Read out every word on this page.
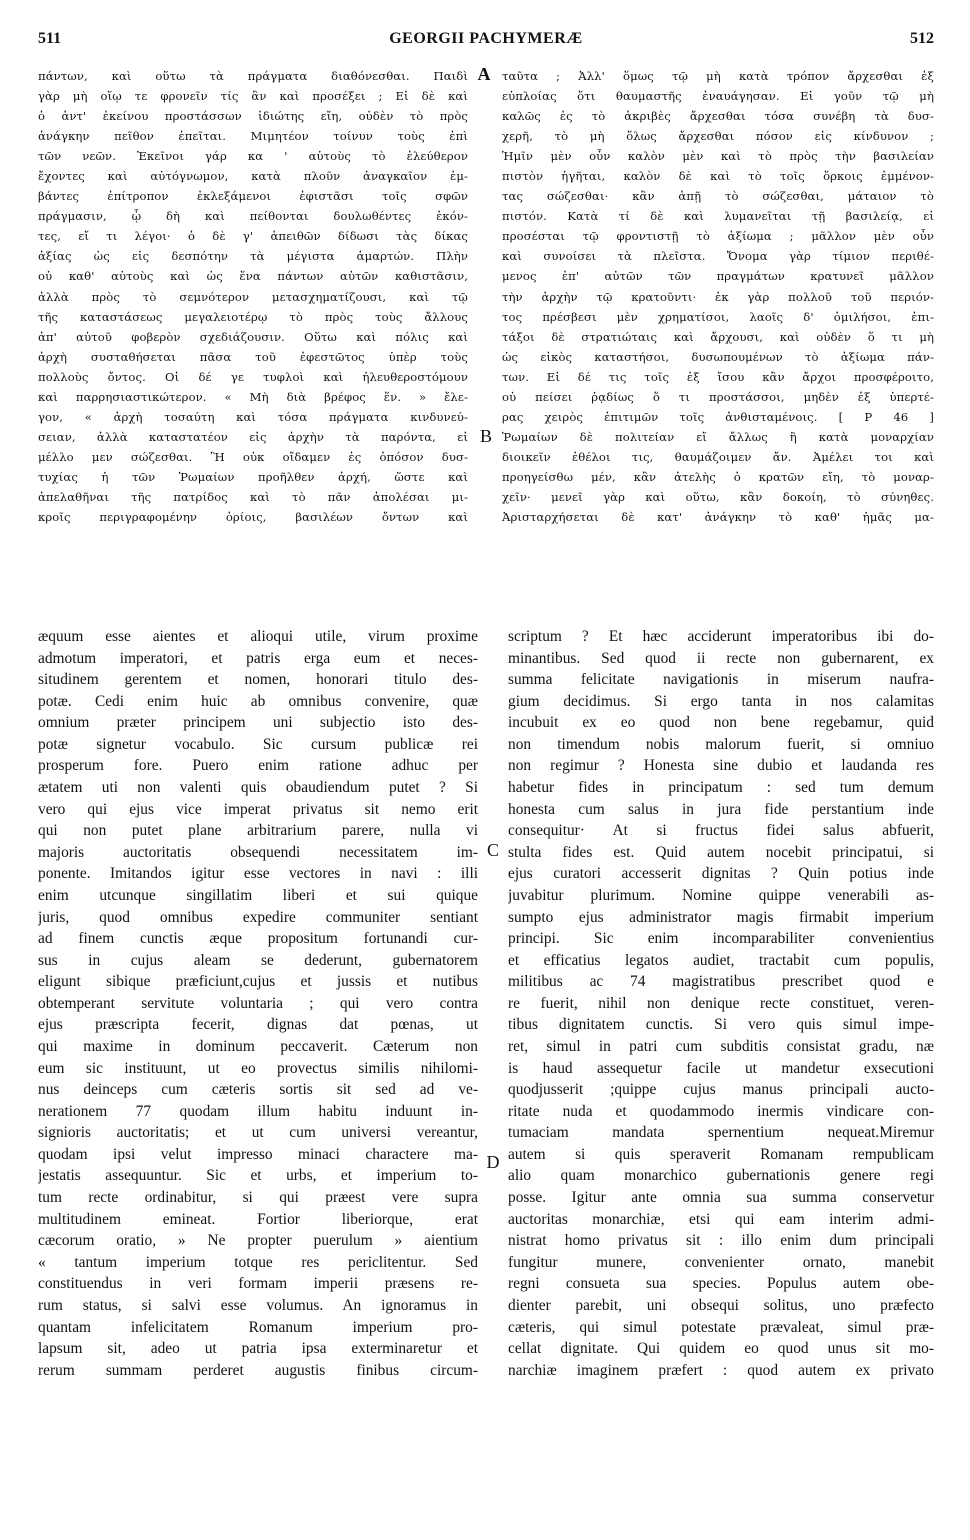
511	GEORGII PACHYMERÆ	512
πάντων, καὶ οὕτω τὰ πράγματα διαθόνεσθαι. Παιδὶ
γὰρ μὴ οἵῳ τε φρονεῖν τίς ἂν καὶ προσέξει ; Εἰ δὲ καὶ
ὁ ἀντ' ἐκείνου προστάσσων ἰδιώτης εἴη, οὐδὲν τὸ πρὸς
ἀνάγκην πεῖθον ἐπεῖται. Μιμητέον τοίνυν τοὺς ἐπὶ
τῶν νεῶν. Ἐκεῖνοι γάρ κα ' αὑτοὺς τὸ ἐλεύθερον
ἔχοντες καὶ αὐτόγνωμον, κατὰ πλοῦν ἀναγκαῖον ἐμ-
βάντες ἐπίτροπον ἐκλεξάμενοι ἐφιστᾶσι τοῖς σφῶν
πράγμασιν, ᾧ δὴ καὶ πείθονται δουλωθέντες ἑκόν-
τες, εἴ τι λέγοι· ὁ δὲ γ' ἀπειθῶν δίδωσι τὰς δίκας
ἀξίας ὡς εἰς δεσπότην τὰ μέγιστα ἁμαρτών. Πλὴν
οὐ καθ' αὑτοὺς καὶ ὡς ἕνα πάντων αὐτῶν καθιστᾶσιν,
ἀλλὰ πρὸς τὸ σεμνότερον μετασχηματίζουσι, καὶ τῷ
τῆς καταστάσεως μεγαλειοτέρῳ τὸ πρὸς τοὺς ἄλλους
ἀπ' αὐτοῦ φοβερὸν σχεδιάζουσιν. Οὕτω καὶ πόλις καὶ
ἀρχὴ συσταθήσεται πᾶσα τοῦ ἐφεστῶτος ὑπὲρ τοὺς
πολλοὺς ὄντος. Οἱ δέ γε τυφλοὶ καὶ ἠλευθεροστόμουν
καὶ παρρησιαστικώτερον. « Μὴ διὰ βρέφος ἕν. » ἔλε-
γον, « ἀρχὴ τοσαύτη καὶ τόσα πράγματα κινδυνεύ-
σειαν, ἀλλὰ καταστατέον εἰς ἀρχὴν τὰ παρόντα, εἰ
μέλλο μεν σώζεσθαι. Ἢ οὐκ οἴδαμεν ἐς ὁπόσον δυσ-
τυχίας ἡ τῶν Ῥωμαίων προῆλθεν ἀρχή, ὥστε καὶ
ἀπελαθῆναι τῆς πατρίδος καὶ τὸ πᾶν ἀπολέσαι μι-
κροῖς περιγραφομένην ὁρίοις, βασιλέων ὄντων καὶ
ταῦτα ; Ἀλλ' ὅμως τῷ μὴ κατὰ τρόπον ἄρχεσθαι ἐξ
εὐπλοίας ὅτι θαυμαστῆς ἐναυάγησαν. Εἰ γοῦν τῷ μὴ
καλῶς ἐς τὸ ἀκριβὲς ἄρχεσθαι τόσα συνέβη τὰ δυσ-
χερῆ, τὸ μὴ ὅλως ἄρχεσθαι πόσον εἰς κίνδυνον ;
Ἡμῖν μὲν οὖν καλὸν μὲν καὶ τὸ πρὸς τὴν βασιλείαν
πιστὸν ἡγῆται, καλὸν δὲ καὶ τὸ τοῖς ὅρκοις ἐμμένον-
τας σώζεσθαι· κἂν ἀπῇ τὸ σώζεσθαι, μάταιον τὸ
πιστόν. Κατὰ τί δὲ καὶ λυμανεῖται τῇ βασιλείᾳ, εἰ
προσέσται τῷ φροντιστῇ τὸ ἀξίωμα ; μᾶλλον μὲν οὖν
καὶ συνοίσει τὰ πλεῖστα. Ὄνομα γὰρ τίμιον περιθέ-
μενος ἐπ' αὐτῶν τῶν πραγμάτων κρατυνεῖ μᾶλλον
τὴν ἀρχὴν τῷ κρατοῦντι· ἐκ γὰρ πολλοῦ τοῦ περιόν-
τος πρέσβεσι μὲν χρηματίσοι, λαοῖς δ' ὁμιλήσοι, ἐπι-
τάξοι δὲ στρατιώταις καὶ ἄρχουσι, καὶ οὐδὲν ὅ τι μὴ
ὡς εἰκὸς καταστήσοι, δυσωπουμένων τὸ ἀξίωμα πάν-
των. Εἰ δέ τις τοῖς ἐξ ἴσου κἂν ἄρχοι προσφέροιτο,
οὐ πείσει ῥᾳδίως ὅ τι προστάσσοι, μηδὲν ἐξ ὑπερτέ-
ρας χειρὸς ἐπιτιμῶν τοῖς ἀνθισταμένοις. [ P 46 ]
Ῥωμαίων δὲ πολιτείαν εἴ ἄλλως ἢ κατὰ μοναρχίαν
διοικεῖν ἐθέλοι τις, θαυμάζοιμεν ἄν. Ἀμέλει τοι καὶ
προηγείσθω μέν, κἂν ἀτελὴς ὁ κρατῶν εἴη, τὸ μοναρ-
χεῖν· μενεῖ γὰρ καὶ οὕτω, κἂν δοκοίη, τὸ σύνηθες.
Ἀρισταρχήσεται δὲ κατ' ἀνάγκην τὸ καθ' ἡμᾶς μα-
æquum esse aientes et alioqui utile, virum proxime
admotum imperatori, et patris erga eum et neces-
situdinem gerentem et nomen, honorari titulo des-
potæ. Cedi enim huic ab omnibus convenire, quæ
omnium præter principem uni subjectio isto des-
potæ signetur vocabulo. Sic cursum publicæ rei
prosperum fore. Puero enim ratione adhuc per
ætatem uti non valenti quis obaudiendum putet ? Si
vero qui ejus vice imperat privatus sit nemo erit
qui non putet plane arbitrarium parere, nulla vi
majoris auctoritatis obsequendi necessitatem im-
ponente. Imitandos igitur esse vectores in navi : illi
enim utcunque singillatim liberi et sui quique
juris, quod omnibus expedire communiter sentiant
ad finem cunctis æque propositum fortunandi cur-
sus in cujus aleam se dederunt, gubernatorem
eligunt sibique præficiunt,cujus et jussis et nutibus
obtemperant servitute voluntaria ; qui vero contra
ejus præscripta fecerit, dignas dat pœnas, ut
qui maxime in dominum peccaverit. Cæterum non
eum sic instituunt, ut eo provectus similis nihilomi-
nus deinceps cum cæteris sortis sit sed ad ve-
nerationem 77 quodam illum habitu induunt in-
signioris auctoritatis; et ut cum universi vereantur,
quodam ipsi velut impresso minaci charactere ma-
jestatis assequuntur. Sic et urbs, et imperium to-
tum recte ordinabitur, si qui præest vere supra
multitudinem emineat. Fortior liberiorque, erat
cæcorum oratio, » Ne propter puerulum » aientium
« tantum imperium totque res periclitentur. Sed
constituendus in veri formam imperii præsens re-
rum status, si salvi esse volumus. An ignoramus in
quantam infelicitatem Romanum imperium pro-
lapsum sit, adeo ut patria ipsa exterminaretur et
rerum summam perderet augustis finibus circum-
scriptum ? Et hæc acciderunt imperatoribus ibi do-
minantibus. Sed quod ii recte non gubernarent, ex
summa felicitate navigationis in miserum naufra-
gium decidimus. Si ergo tanta in nos calamitas
incubuit ex eo quod non bene regebamur, quid
non timendum nobis malorum fuerit, si omniuo
non regimur ? Honesta sine dubio et laudanda res
habetur fides in principatum : sed tum demum
honesta cum salus in jura fide perstantium inde
consequitur· At si fructus fidei salus abfuerit,
stulta fides est. Quid autem nocebit principatui, si
ejus curatori accesserit dignitas ? Quin potius inde
juvabitur plurimum. Nomine quippe venerabili as-
sumpto ejus administrator magis firmabit imperium
principi. Sic enim incomparabiliter convenientius
et efficatius legatos audiet, tractabit cum populis,
militibus ac 74 magistratibus prescribet quod e
re fuerit, nihil non denique recte constituet, veren-
tibus dignitatem cunctis. Si vero quis simul impe-
ret, simul in patri cum subditis consistat gradu, næ
is haud assequetur facile ut mandetur exsecutioni
quodjusserit ;quippe cujus manus principali aucto-
ritate nuda et quodammodo inermis vindicare con-
tumaciam mandata spernentium nequeat.Miremur
autem si quis speraverit Romanam rempublicam
alio quam monarchico gubernationis genere regi
posse. Igitur ante omnia sua summa conservetur
auctoritas monarchiæ, etsi qui eam interim admi-
nistrat homo privatus sit : illo enim dum principali
fungitur munere, convenienter ornato, manebit
regni consueta sua species. Populus autem obe-
dienter parebit, uni obsequi solitus, uno præfecto
cæteris, qui simul potestate prævaleat, simul præ-
cellat dignitate. Qui quidem eo quod unus sit mo-
narchiæ imaginem præfert : quod autem ex privato
A
B
C
D
